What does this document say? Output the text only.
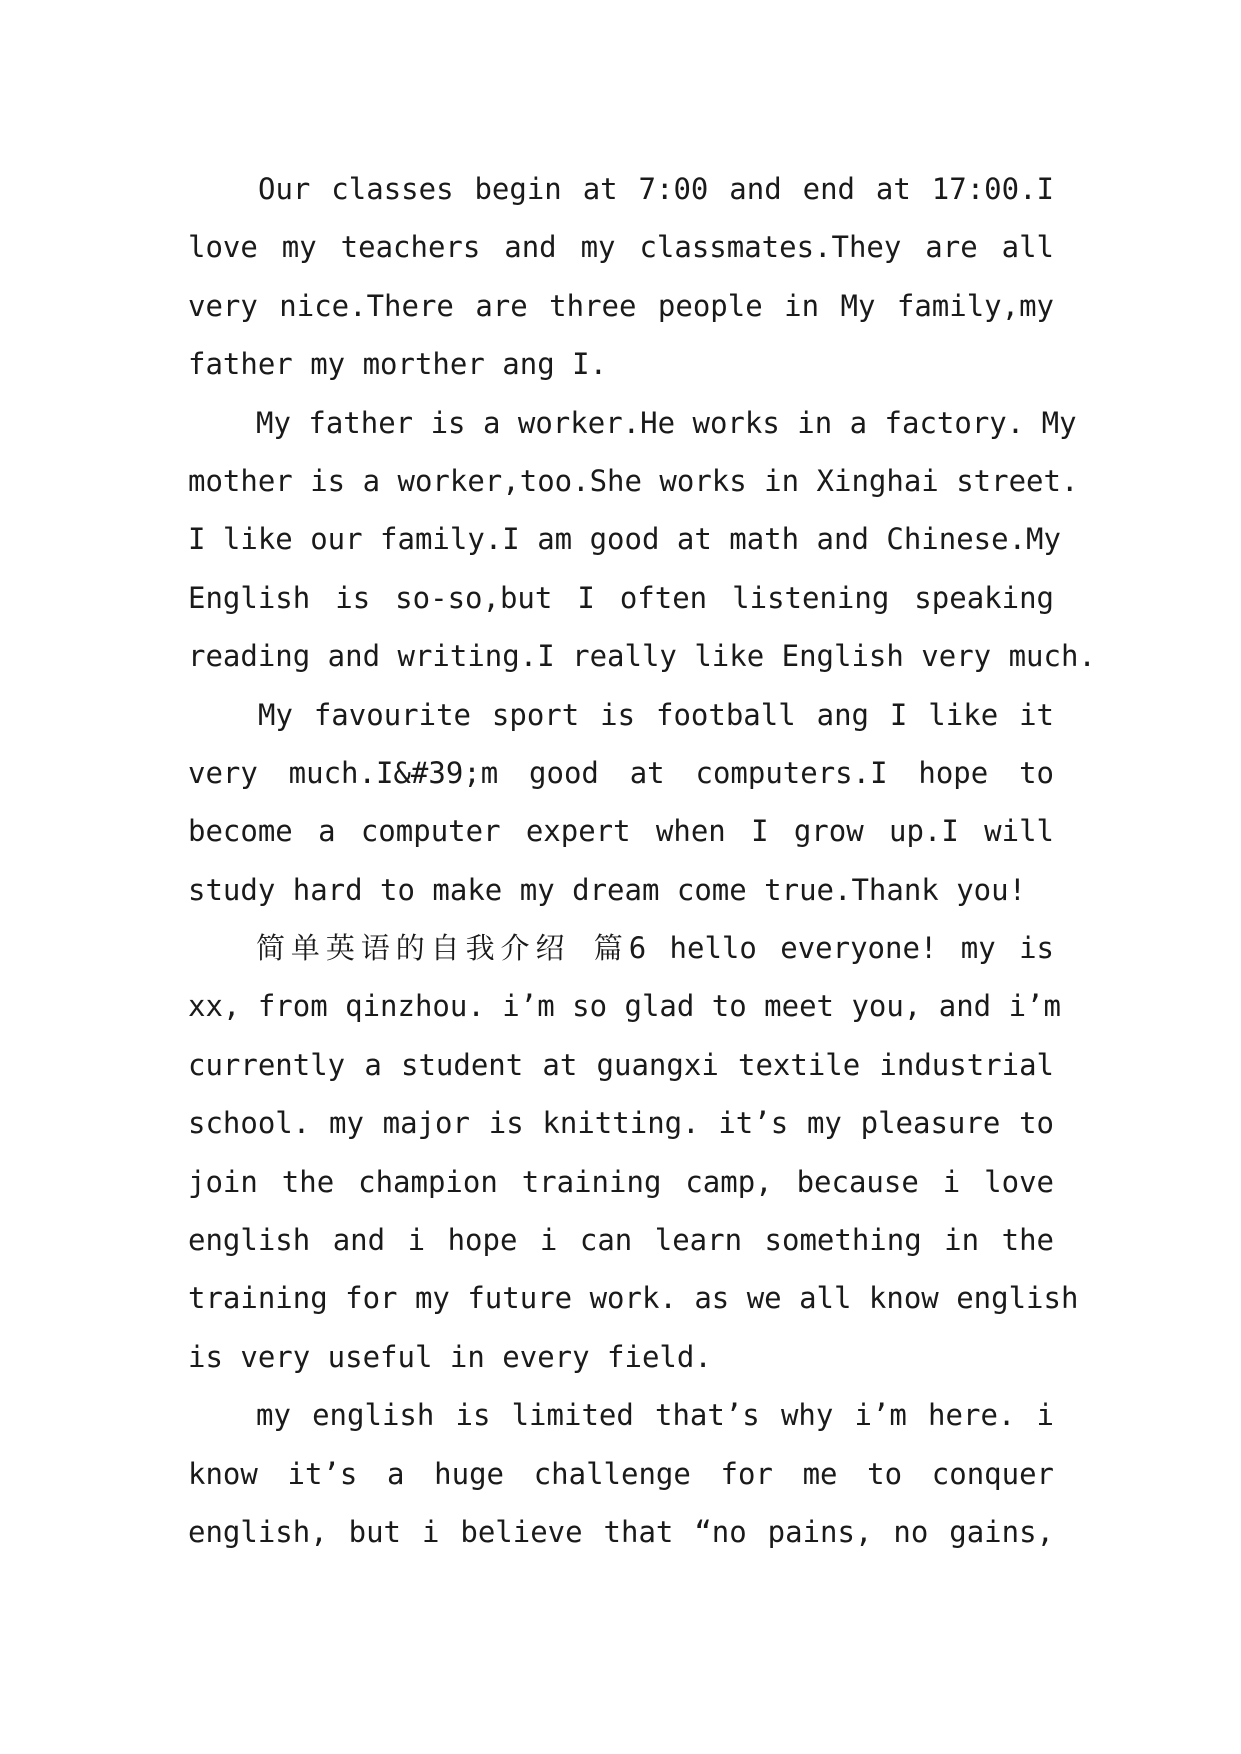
Our classes begin at 7:00 and end at 17:00.I
love my teachers and my classmates.They are all
very nice.There are three people in My family,my
father my morther ang I.
My father is a worker.He works in a factory. My
mother is a worker,too.She works in Xinghai street.
I like our family.I am good at math and Chinese.My
English is so-so,but I often listening speaking
reading and writing.I really like English very much.
My favourite sport is football ang I like it
very much.I&#39;m good at computers.I hope to
become a computer expert when I grow up.I will
study hard to make my dream come true.Thank you!
简单英语的自我介绍 篇6 hello everyone! my is
xx, from qinzhou. i’m so glad to meet you, and i’m
currently a student at guangxi textile industrial
school. my major is knitting. it’s my pleasure to
join the champion training camp, because i love
english and i hope i can learn something in the
training for my future work. as we all know english
is very useful in every field.
my english is limited that’s why i’m here. i
know it’s a huge challenge for me to conquer
english, but i believe that “no pains, no gains,
